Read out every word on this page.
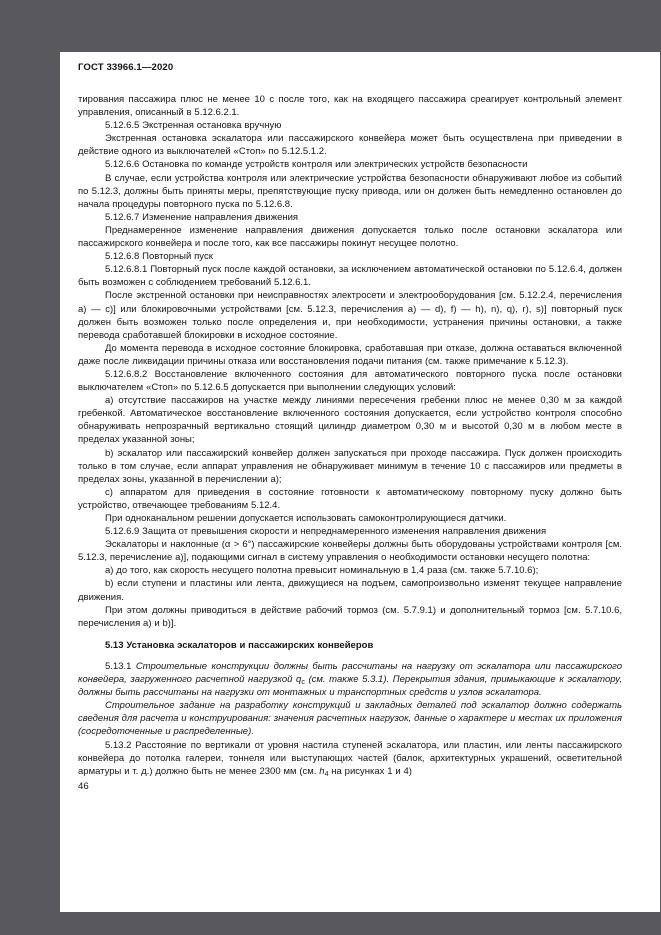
ГОСТ 33966.1—2020

тирования пассажира плюс не менее 10 с после того, как на входящего пассажира среагирует контрольный элемент управления, описанный в 5.12.6.2.1.

5.12.6.5 Экстренная остановка вручную

Экстренная остановка эскалатора или пассажирского конвейера может быть осуществлена при приведении в действие одного из выключателей «Стоп» по 5.12.5.1.2.

5.12.6.6 Остановка по команде устройств контроля или электрических устройств безопасности

В случае, если устройства контроля или электрические устройства безопасности обнаруживают любое из событий по 5.12.3, должны быть приняты меры, препятствующие пуску привода, или он должен быть немедленно остановлен до начала процедуры повторного пуска по 5.12.6.8.

5.12.6.7 Изменение направления движения

Преднамеренное изменение направления движения допускается только после остановки эскалатора или пассажирского конвейера и после того, как все пассажиры покинут несущее полотно.

5.12.6.8 Повторный пуск

5.12.6.8.1 Повторный пуск после каждой остановки, за исключением автоматической остановки по 5.12.6.4, должен быть возможен с соблюдением требований 5.12.6.1.

После экстренной остановки при неисправностях электросети и электрооборудования [см. 5.12.2.4, перечисления а) — с)] или блокировочными устройствами [см. 5.12.3, перечисления а) — d), f) — h), n), q), r), s)] повторный пуск должен быть возможен только после определения и, при необходимости, устранения причины остановки, а также перевода сработавшей блокировки в исходное состояние.

До момента перевода в исходное состояние блокировка, сработавшая при отказе, должна оставаться включенной даже после ликвидации причины отказа или восстановления подачи питания (см. также примечание к 5.12.3).

5.12.6.8.2 Восстановление включенного состояния для автоматического повторного пуска после остановки выключателем «Стоп» по 5.12.6.5 допускается при выполнении следующих условий:

а) отсутствие пассажиров на участке между линиями пересечения гребенки плюс не менее 0,30 м за каждой гребенкой. Автоматическое восстановление включенного состояния допускается, если устройство контроля способно обнаруживать непрозрачный вертикально стоящий цилиндр диаметром 0,30 м и высотой 0,30 м в любом месте в пределах указанной зоны;

b) эскалатор или пассажирский конвейер должен запускаться при проходе пассажира. Пуск должен происходить только в том случае, если аппарат управления не обнаруживает минимум в течение 10 с пассажиров или предметы в пределах зоны, указанной в перечислении а);

c) аппаратом для приведения в состояние готовности к автоматическому повторному пуску должно быть устройство, отвечающее требованиям 5.12.4.

При одноканальном решении допускается использовать самоконтролирующиеся датчики.

5.12.6.9 Защита от превышения скорости и непреднамеренного изменения направления движения

Эскалаторы и наклонные (α > 6°) пассажирские конвейеры должны быть оборудованы устройствами контроля [см. 5.12.3, перечисление а)], подающими сигнал в систему управления о необходимости остановки несущего полотна:

а) до того, как скорость несущего полотна превысит номинальную в 1,4 раза (см. также 5.7.10.6);

b) если ступени и пластины или лента, движущиеся на подъем, самопроизвольно изменят текущее направление движения.

При этом должны приводиться в действие рабочий тормоз (см. 5.7.9.1) и дополнительный тормоз [см. 5.7.10.6, перечисления а) и b)].

5.13 Установка эскалаторов и пассажирских конвейеров

5.13.1 Строительные конструкции должны быть рассчитаны на нагрузку от эскалатора или пассажирского конвейера, загруженного расчетной нагрузкой $q_с$ (см. также 5.3.1). Перекрытия здания, примыкающие к эскалатору, должны быть рассчитаны на нагрузки от монтажных и транспортных средств и узлов эскалатора.

Строительное задание на разработку конструкций и закладных деталей под эскалатор должно содержать сведения для расчета и конструирования: значения расчетных нагрузок, данные о характере и местах их приложения (сосредоточенные и распределенные).

5.13.2 Расстояние по вертикали от уровня настила ступеней эскалатора, или пластин, или ленты пассажирского конвейера до потолка галереи, тоннеля или выступающих частей (балок, архитектурных украшений, осветительной арматуры и т. д.) должно быть не менее 2300 мм (см. $h_4$ на рисунках 1 и 4)

46
